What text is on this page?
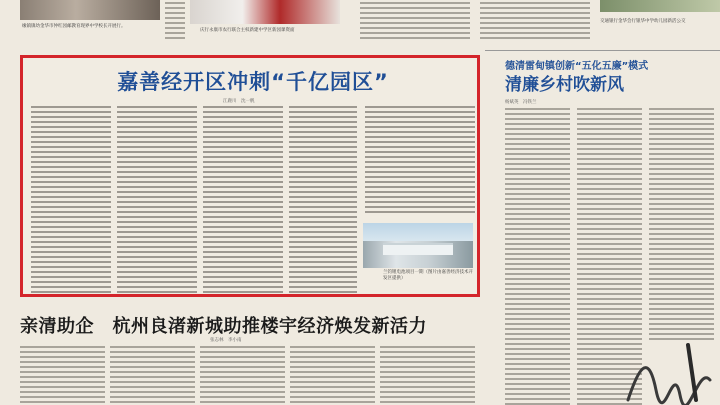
缘镇镇幼金华市仲红园邮教育现界中学校长开展行。
庆行永康市农行联合主权新建中学区新园课资面
交通银行金华会行银华中学幼儿园新活公交
嘉善经开区冲刺“千亿园区”
江鹿川　沈一帆
兰钧锂电池项目一期（图片由嘉善经济技术开发区提供）
亲清助企　杭州良渚新城助推楼宇经济焕发新活力
张志林　李小南
德清雷甸镇创新“五化五廉”模式
清廉乡村吹新风
杨斌英　冯铁兰
